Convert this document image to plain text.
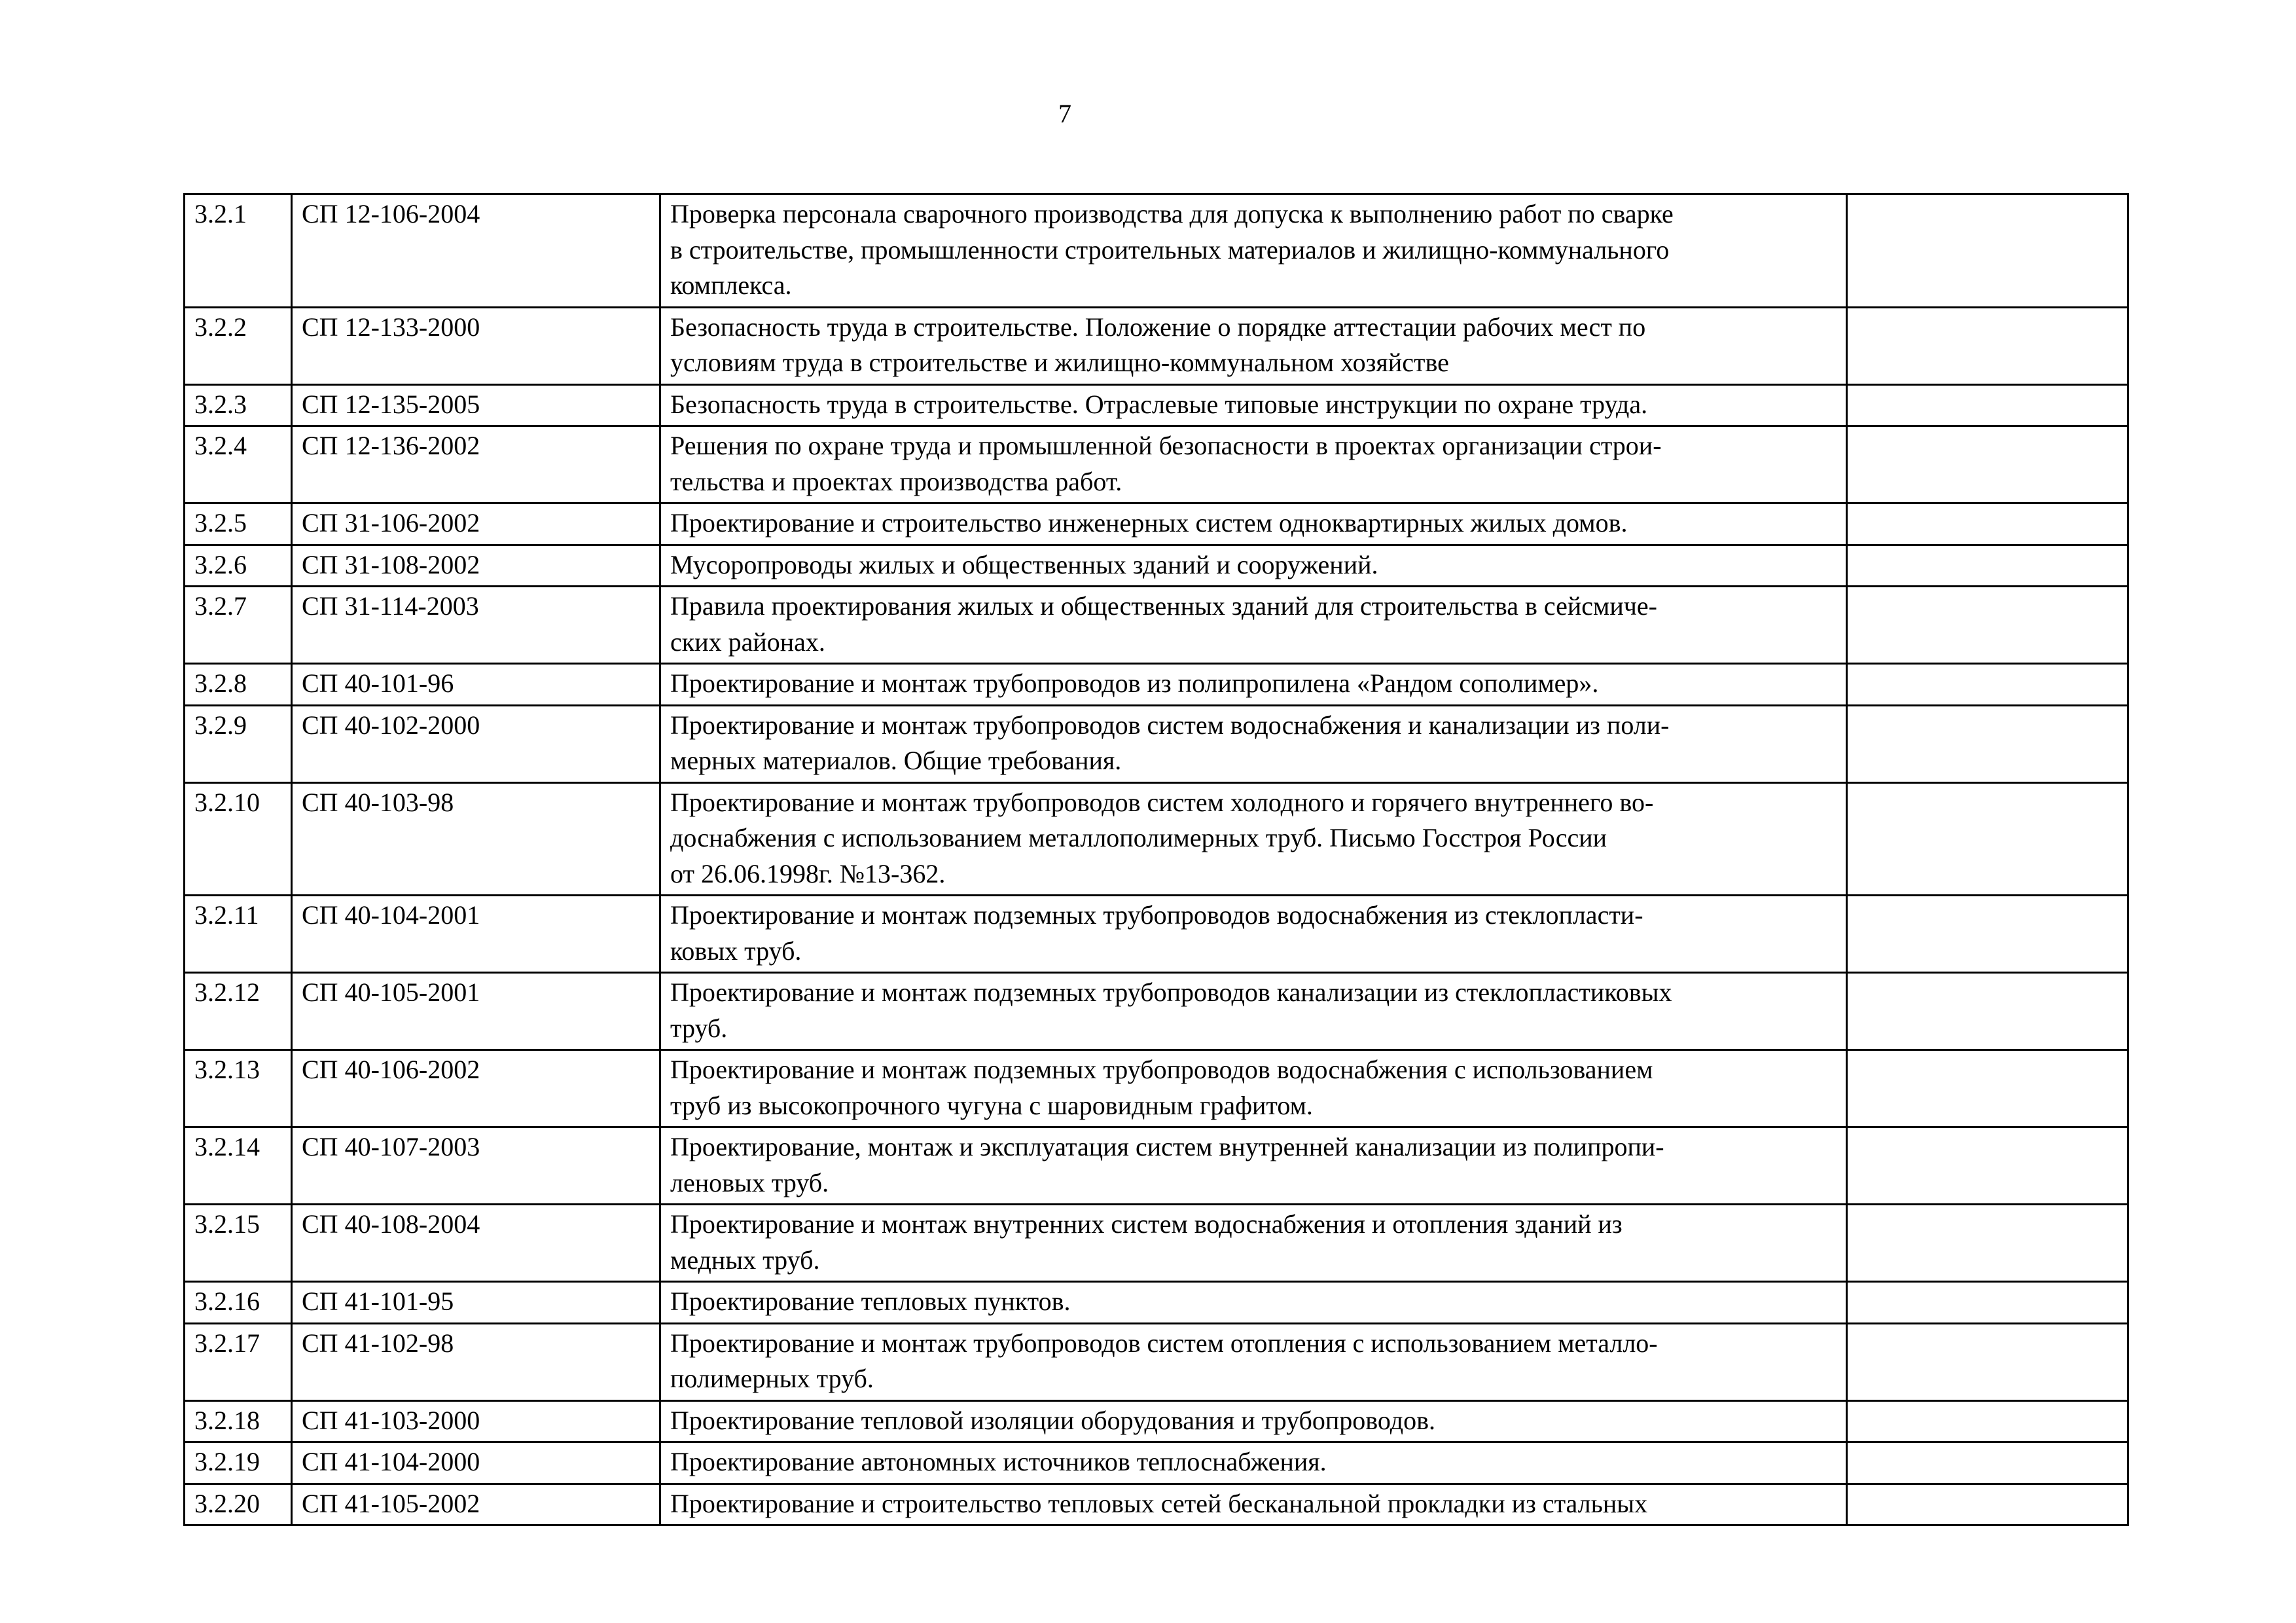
7
3.2.1	СП 12-106-2004	Проверка персонала сварочного производства для допуска к выполнению работ по сварке
в строительстве, промышленности строительных материалов и жилищно-коммунального
комплекса.	
3.2.2	СП 12-133-2000	Безопасность труда в строительстве. Положение о порядке аттестации рабочих мест по
условиям труда в строительстве и жилищно-коммунальном хозяйстве	
3.2.3	СП 12-135-2005	Безопасность труда в строительстве. Отраслевые типовые инструкции по охране труда.	
3.2.4	СП 12-136-2002	Решения по охране труда и промышленной безопасности в проектах организации строи-
тельства и проектах производства работ.	
3.2.5	СП 31-106-2002	Проектирование и строительство инженерных систем одноквартирных жилых домов.	
3.2.6	СП 31-108-2002	Мусоропроводы жилых и общественных зданий и сооружений.	
3.2.7	СП 31-114-2003	Правила проектирования жилых и общественных зданий для строительства в сейсмиче-
ских районах.	
3.2.8	СП 40-101-96	Проектирование и монтаж трубопроводов из полипропилена «Рандом сополимер».	
3.2.9	СП 40-102-2000	Проектирование и монтаж трубопроводов систем водоснабжения и канализации из поли-
мерных материалов. Общие требования.	
3.2.10	СП 40-103-98	Проектирование и монтаж трубопроводов систем холодного и горячего внутреннего во-
доснабжения с использованием металлополимерных труб. Письмо Госстроя России
от 26.06.1998г. №13-362.	
3.2.11	СП 40-104-2001	Проектирование и монтаж подземных трубопроводов водоснабжения из стеклопласти-
ковых труб.	
3.2.12	СП 40-105-2001	Проектирование и монтаж подземных трубопроводов канализации из стеклопластиковых
труб.	
3.2.13	СП 40-106-2002	Проектирование и монтаж подземных трубопроводов водоснабжения с использованием
труб из высокопрочного чугуна с шаровидным графитом.	
3.2.14	СП 40-107-2003	Проектирование, монтаж и эксплуатация систем внутренней канализации из полипропи-
леновых труб.	
3.2.15	СП 40-108-2004	Проектирование и монтаж внутренних систем водоснабжения и отопления зданий из
медных труб.	
3.2.16	СП 41-101-95	Проектирование тепловых пунктов.	
3.2.17	СП 41-102-98	Проектирование и монтаж трубопроводов систем отопления с использованием металло-
полимерных труб.	
3.2.18	СП 41-103-2000	Проектирование тепловой изоляции оборудования и трубопроводов.	
3.2.19	СП 41-104-2000	Проектирование автономных источников теплоснабжения.	
3.2.20	СП 41-105-2002	Проектирование и строительство тепловых сетей бесканальной прокладки из стальных	
